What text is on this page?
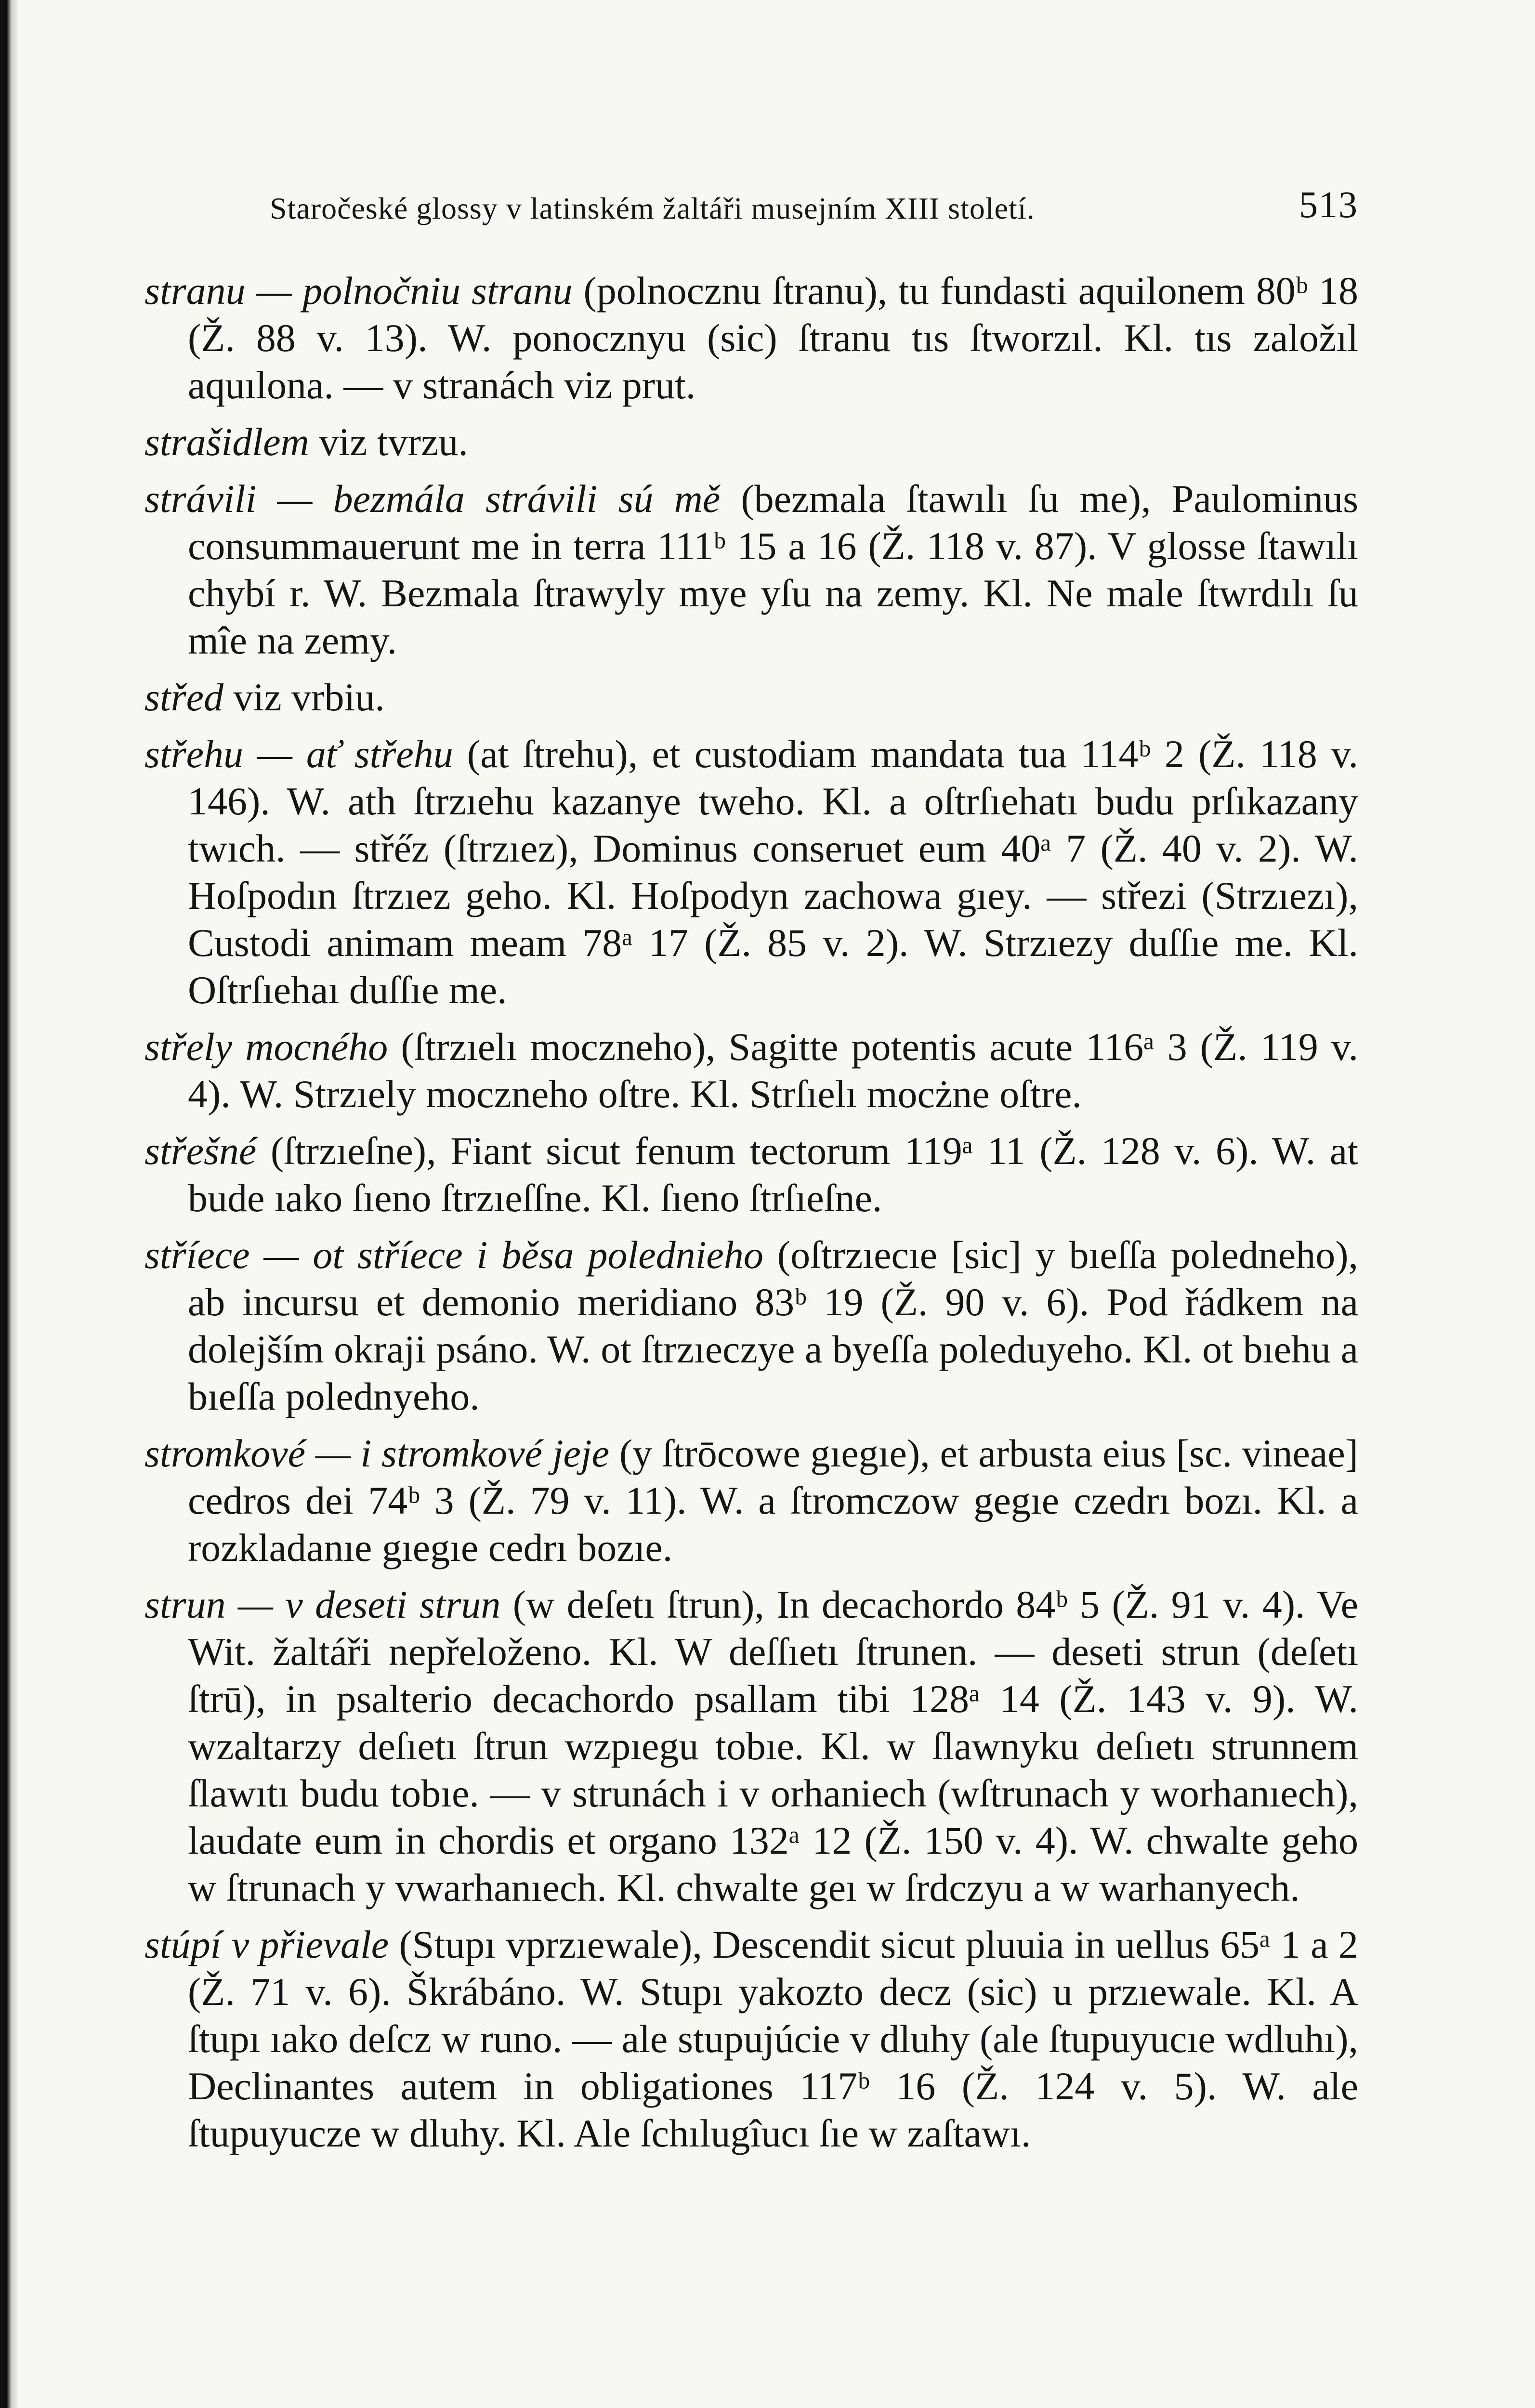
Staročeské glossy v latinském žaltáři musejním XIII století.	513

stranu — polnočniu stranu (polnocznu ſtranu), tu fundasti aquilonem 80ᵇ 18 (Ž. 88 v. 13). W. ponocznyu (sic) ſtranu tıs ſtworzıl. Kl. tıs založıl aquılona. — v stranách viz prut.

strašidlem viz tvrzu.

strávili — bezmála strávili sú mě (bezmala ſtawılı ſu me), Paulominus consummauerunt me in terra 111ᵇ 15 a 16 (Ž. 118 v. 87). V glosse ſtawılı chybí r. W. Bezmala ſtrawyly mye yſu na zemy. Kl. Ne male ſtwrdılı ſu mîe na zemy.

střed viz vrbiu.

střehu — ať střehu (at ſtrehu), et custodiam mandata tua 114ᵇ 2 (Ž. 118 v. 146). W. ath ſtrzıehu kazanye tweho. Kl. a oſtrſıehatı budu prſıkazany twıch. — stře̋z (ſtrzıez), Dominus conseruet eum 40ᵃ 7 (Ž. 40 v. 2). W. Hoſpodın ſtrzıez geho. Kl. Hoſpodyn zachowa gıey. — střezi (Strzıezı), Custodi animam meam 78ᵃ 17 (Ž. 85 v. 2). W. Strzıezy duſſıe me. Kl. Oſtrſıehaı duſſıe me.

střely mocného (ſtrzıelı moczneho), Sagitte potentis acute 116ᵃ 3 (Ž. 119 v. 4). W. Strzıely moczneho oſtre. Kl. Strſıelı mocżne oſtre.

střešné (ſtrzıeſne), Fiant sicut fenum tectorum 119ᵃ 11 (Ž. 128 v. 6). W. at bude ıako ſıeno ſtrzıeſſne. Kl. ſıeno ſtrſıeſne.

stříece — ot stříece i běsa polednieho (oſtrzıecıe [sic] y bıeſſa poledneho), ab incursu et demonio meridiano 83ᵇ 19 (Ž. 90 v. 6). Pod řádkem na dolejším okraji psáno. W. ot ſtrzıeczye a byeſſa poleduyeho. Kl. ot bıehu a bıeſſa polednyeho.

stromkové — i stromkové jeje (y ſtrōcowe gıegıe), et arbusta eius [sc. vineae] cedros dei 74ᵇ 3 (Ž. 79 v. 11). W. a ſtromczow gegıe czedrı bozı. Kl. a rozkladanıe gıegıe cedrı bozıe.

strun — v deseti strun (w deſetı ſtrun), In decachordo 84ᵇ 5 (Ž. 91 v. 4). Ve Wit. žaltáři nepřeloženo. Kl. W deſſıetı ſtrunen. — deseti strun (deſetı ſtrū), in psalterio decachordo psallam tibi 128ᵃ 14 (Ž. 143 v. 9). W. wzaltarzy deſıetı ſtrun wzpıegu tobıe. Kl. w ſlawnyku deſıetı strunnem ſlawıtı budu tobıe. — v strunách i v orhaniech (wſtrunach y worhanıech), laudate eum in chordis et organo 132ᵃ 12 (Ž. 150 v. 4). W. chwalte geho w ſtrunach y vwarhanıech. Kl. chwalte geı w ſrdczyu a w warhanyech.

stúpí v přievale (Stupı vprzıewale), Descendit sicut pluuia in uellus 65ᵃ 1 a 2 (Ž. 71 v. 6). Škrábáno. W. Stupı yakozto decz (sic) u przıewale. Kl. A ſtupı ıako deſcz w runo. — ale stupujúcie v dluhy (ale ſtupuyucıe wdluhı), Declinantes autem in obligationes 117ᵇ 16 (Ž. 124 v. 5). W. ale ſtupuyucze w dluhy. Kl. Ale ſchılugîucı ſıe w zaſtawı.
